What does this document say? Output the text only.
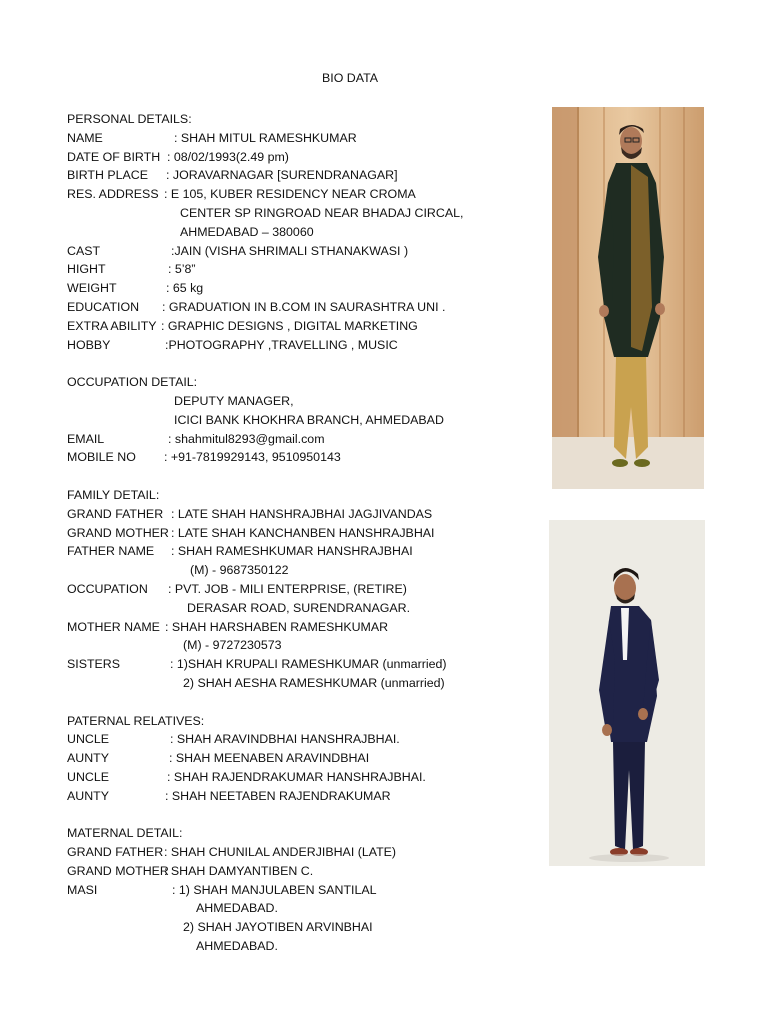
BIO DATA
PERSONAL DETAILS:
NAME	: SHAH MITUL RAMESHKUMAR
DATE OF BIRTH : 08/02/1993(2.49 pm)
BIRTH PLACE : JORAVARNAGAR [SURENDRANAGAR]
RES. ADDRESS : E 105, KUBER RESIDENCY NEAR CROMA
CENTER SP RINGROAD NEAR BHADAJ CIRCAL,
AHMEDABAD – 380060
CAST	:JAIN (VISHA SHRIMALI STHANAKWASI )
HIGHT	: 5’8”
WEIGHT	: 65 kg
EDUCATION : GRADUATION IN B.COM IN SAURASHTRA UNI .
EXTRA ABILITY : GRAPHIC DESIGNS , DIGITAL MARKETING
HOBBY	:PHOTOGRAPHY ,TRAVELLING , MUSIC
OCCUPATION DETAIL:
DEPUTY MANAGER,
ICICI BANK KHOKHRA BRANCH, AHMEDABAD
EMAIL	: shahmitul8293@gmail.com
MOBILE NO : +91-7819929143, 9510950143
FAMILY DETAIL:
GRAND FATHER : LATE SHAH HANSHRAJBHAI JAGJIVANDAS
GRAND MOTHER : LATE SHAH KANCHANBEN HANSHRAJBHAI
FATHER NAME : SHAH RAMESHKUMAR HANSHRAJBHAI
(M) - 9687350122
OCCUPATION : PVT. JOB - MILI ENTERPRISE, (RETIRE)
DERASAR ROAD, SURENDRANAGAR.
MOTHER NAME : SHAH HARSHABEN RAMESHKUMAR
(M) - 9727230573
SISTERS	: 1)SHAH KRUPALI RAMESHKUMAR (unmarried)
2) SHAH AESHA RAMESHKUMAR (unmarried)
PATERNAL RELATIVES:
UNCLE	: SHAH ARAVINDBHAI HANSHRAJBHAI.
AUNTY	: SHAH MEENABEN ARAVINDBHAI
UNCLE	: SHAH RAJENDRAKUMAR HANSHRAJBHAI.
AUNTY	: SHAH NEETABEN RAJENDRAKUMAR
MATERNAL DETAIL:
GRAND FATHER : SHAH CHUNILAL ANDERJIBHAI (LATE)
GRAND MOTHER
: SHAH DAMYANTIBEN C.
MASI	: 1) SHAH MANJULABEN SANTILAL
AHMEDABAD.
2) SHAH JAYOTIBEN ARVINBHAI
AHMEDABAD.
